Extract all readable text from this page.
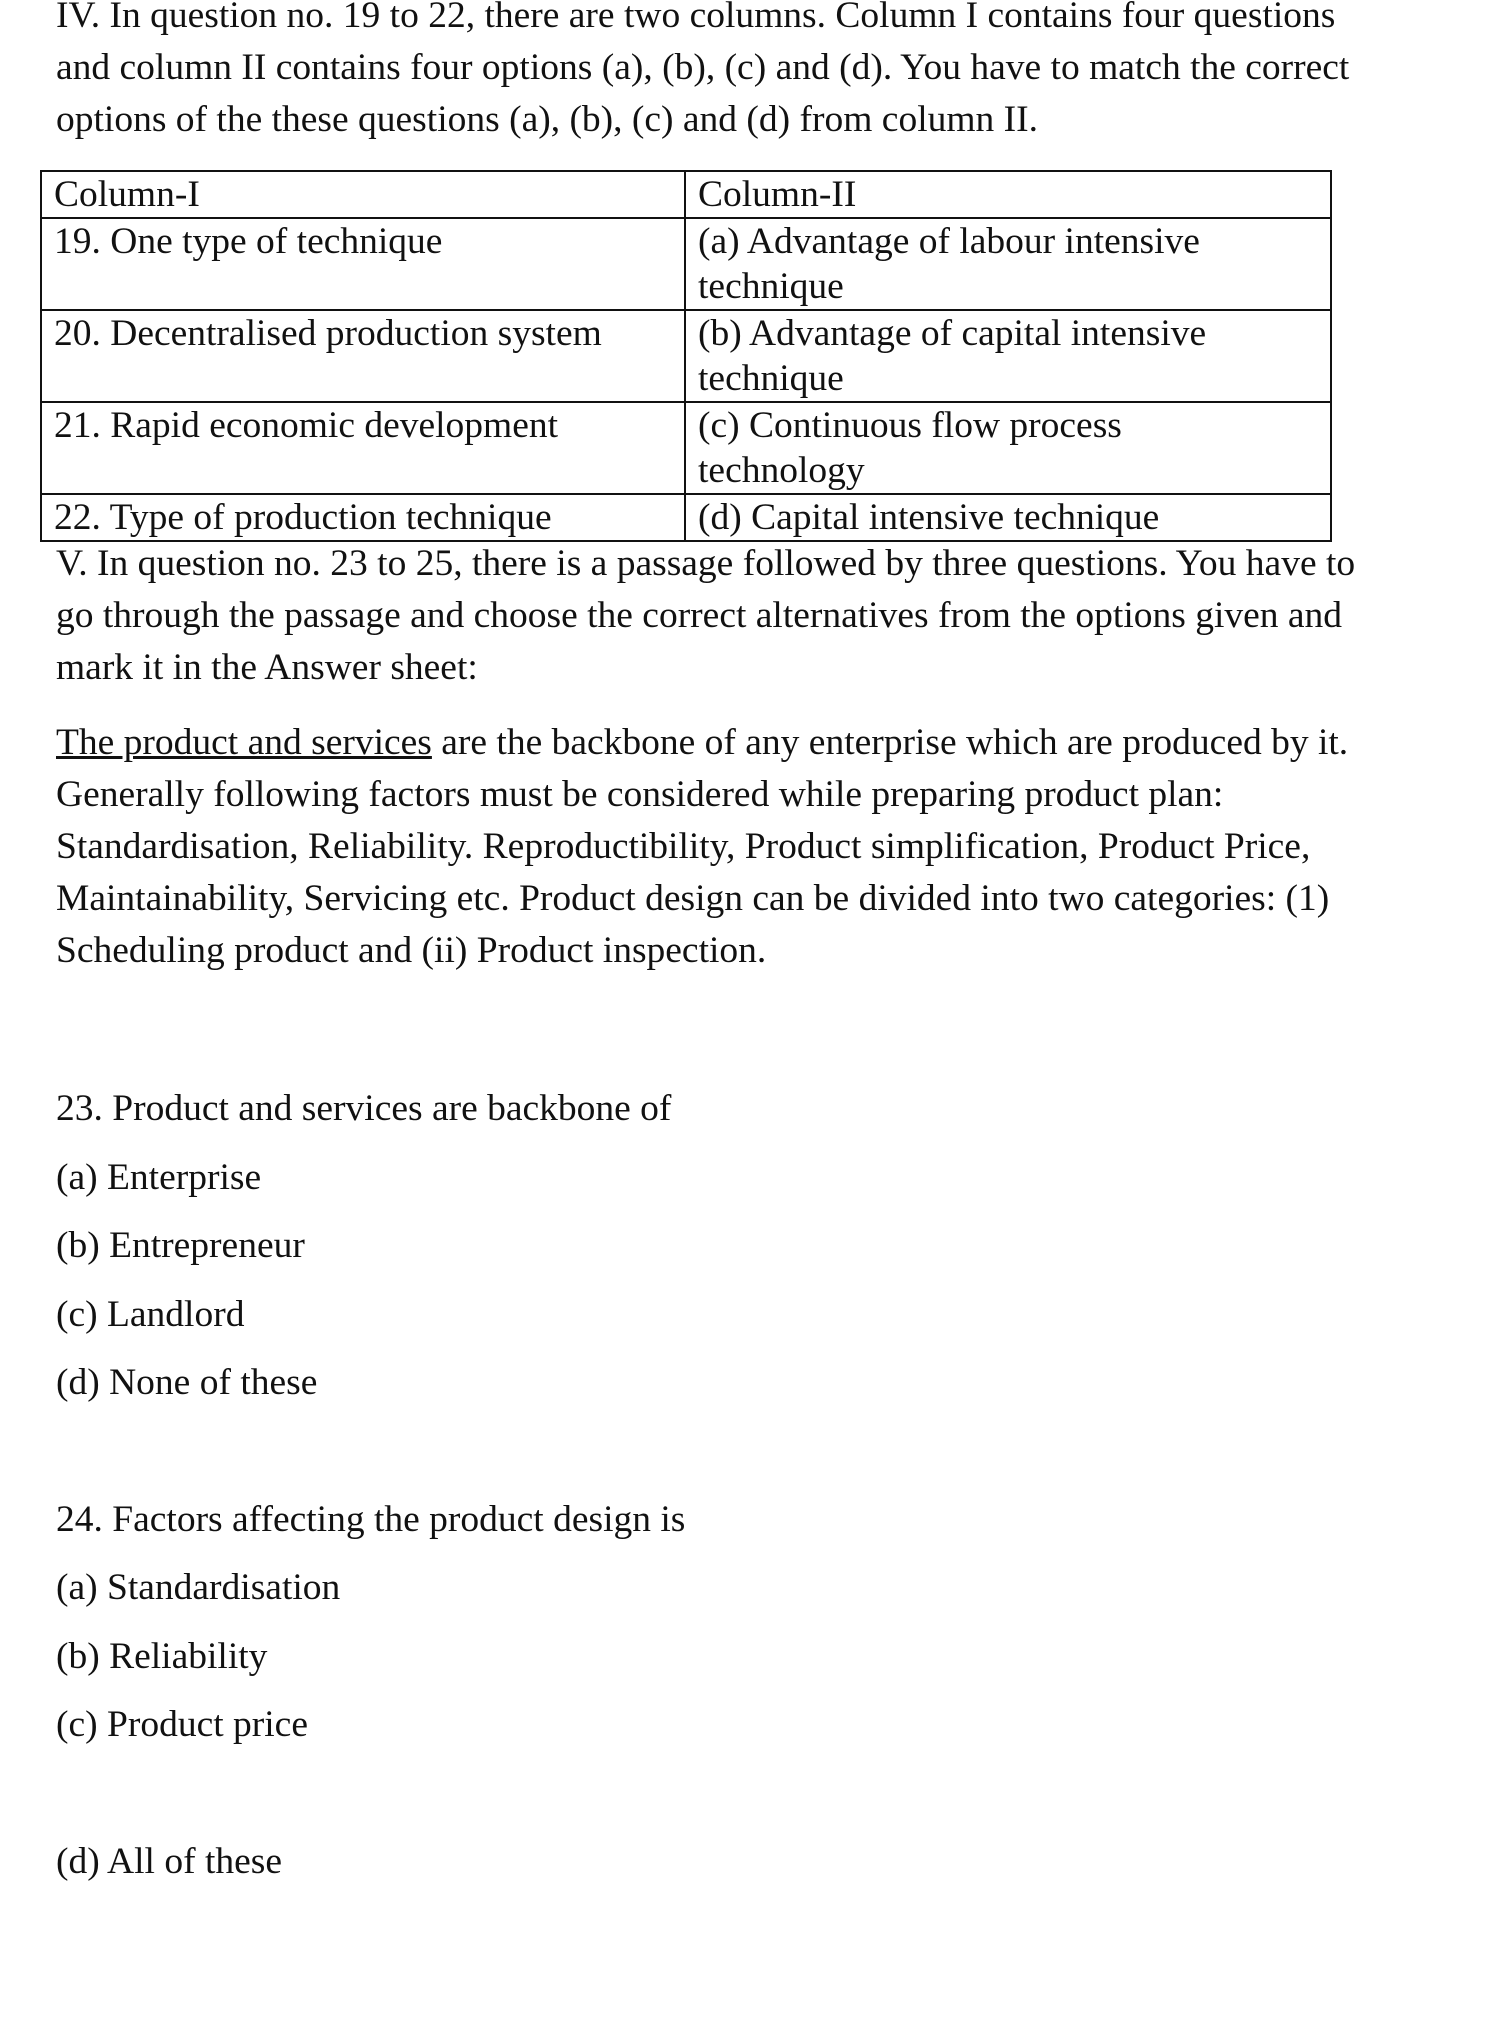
IV. In question no. 19 to 22, there are two columns. Column I contains four questions
and column II contains four options (a), (b), (c) and (d). You have to match the correct
options of the these questions (a), (b), (c) and (d) from column II.

Column-I	Column-II
19. One type of technique	(a) Advantage of labour intensive
technique

20. Decentralised production system	(b) Advantage of capital intensive
technique

21. Rapid economic development	(c) Continuous flow process
technology

22. Type of production technique	(d) Capital intensive technique

V. In question no. 23 to 25, there is a passage followed by three questions. You have to
go through the passage and choose the correct alternatives from the options given and
mark it in the Answer sheet:

The product and services are the backbone of any enterprise which are produced by it.
Generally following factors must be considered while preparing product plan:
Standardisation, Reliability. Reproductibility, Product simplification, Product Price,
Maintainability, Servicing etc. Product design can be divided into two categories: (1)
Scheduling product and (ii) Product inspection.

23. Product and services are backbone of

(a) Enterprise

(b) Entrepreneur

(c) Landlord

(d) None of these

24. Factors affecting the product design is

(a) Standardisation

(b) Reliability

(c) Product price

(d) All of these
